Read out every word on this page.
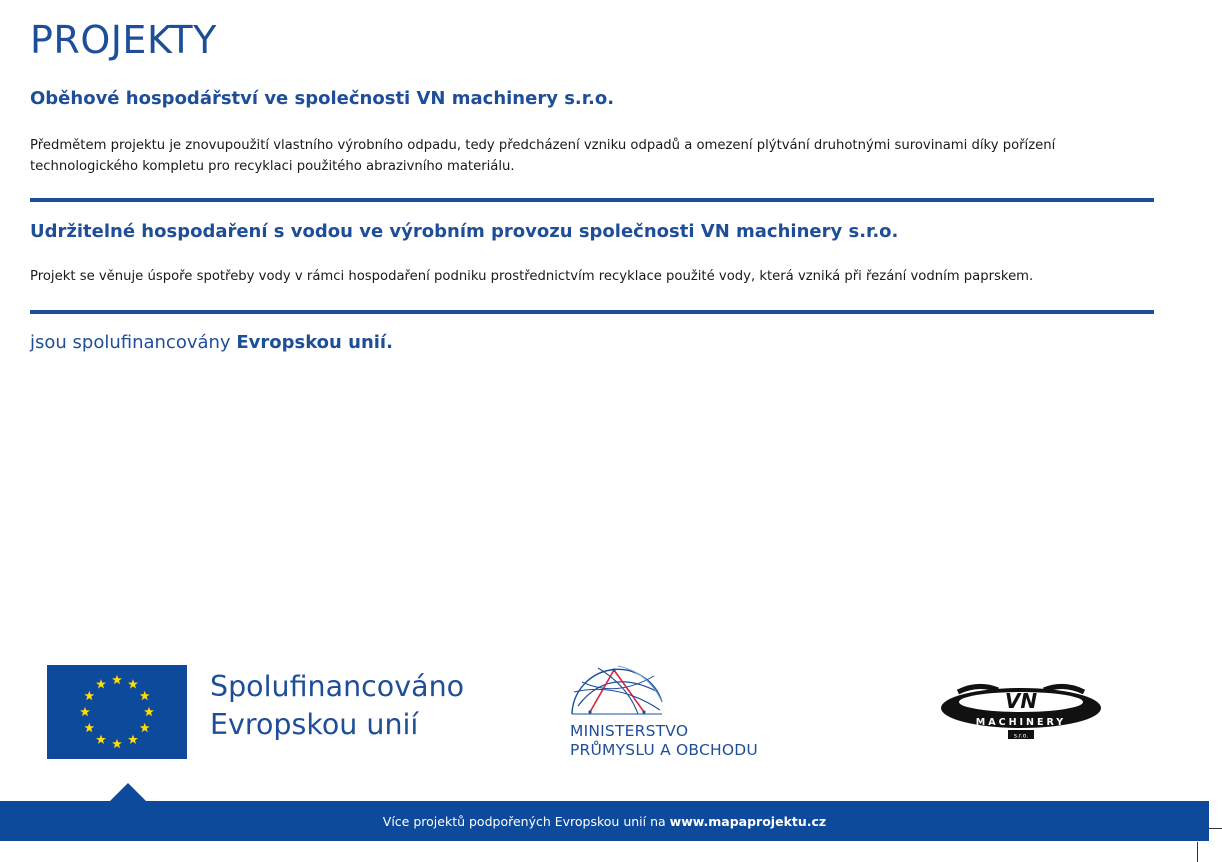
PROJEKTY
Oběhové hospodářství ve společnosti VN machinery s.r.o.

Předmětem projektu je znovupoužití vlastního výrobního odpadu, tedy předcházení vzniku odpadů a omezení plýtvání druhotnými surovinami díky pořízení technologického kompletu pro recyklaci použitého abrazivního materiálu.

Udržitelné hospodaření s vodou ve výrobním provozu společnosti VN machinery s.r.o.

Projekt se věnuje úspoře spotřeby vody v rámci hospodaření podniku prostřednictvím recyklace použité vody, která vzniká při řezání vodním paprskem.

jsou spolufinancovány Evropskou unií.
Spolufinancováno
Evropskou unií	MINISTERSTVO
PRŮMYSLU A OBCHODU
VN
MACHINERY
s.r.o.
Více projektů podpořených Evropskou unií na www.mapaprojektu.cz
